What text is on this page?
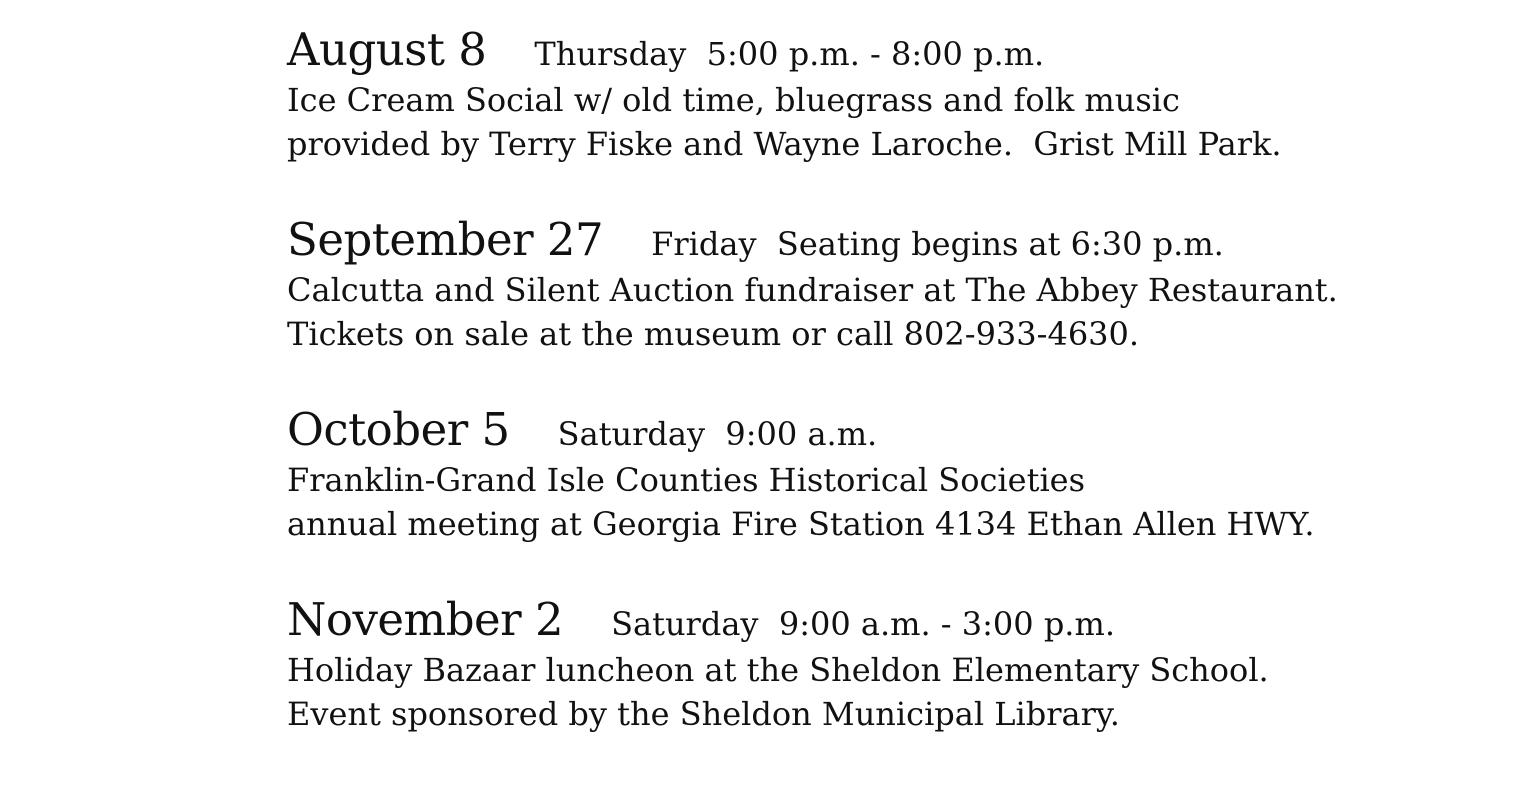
August 8 Thursday  5:00 p.m. - 8:00 p.m.
Ice Cream Social w/ old time, bluegrass and folk music
provided by Terry Fiske and Wayne Laroche.  Grist Mill Park.
September 27 Friday  Seating begins at 6:30 p.m.
Calcutta and Silent Auction fundraiser at The Abbey Restaurant.
Tickets on sale at the museum or call 802-933-4630.
October 5 Saturday  9:00 a.m.
Franklin-Grand Isle Counties Historical Societies
annual meeting at Georgia Fire Station 4134 Ethan Allen HWY.
November 2 Saturday  9:00 a.m. - 3:00 p.m.
Holiday Bazaar luncheon at the Sheldon Elementary School.
Event sponsored by the Sheldon Municipal Library.
